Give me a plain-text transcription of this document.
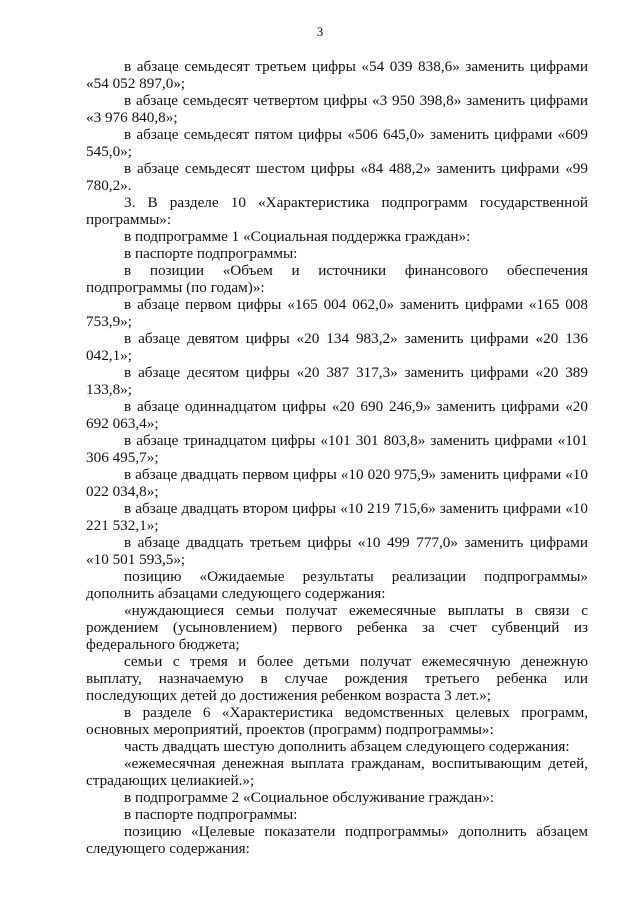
3

в абзаце семьдесят третьем цифры «54 039 838,6» заменить цифрами «54 052 897,0»;

в абзаце семьдесят четвертом цифры «3 950 398,8» заменить цифрами «3 976 840,8»;

в абзаце семьдесят пятом цифры «506 645,0» заменить цифрами «609 545,0»;

в абзаце семьдесят шестом цифры «84 488,2» заменить цифрами «99 780,2».

3. В разделе 10 «Характеристика подпрограмм государственной программы»:

в подпрограмме 1 «Социальная поддержка граждан»:

в паспорте подпрограммы:

в позиции «Объем и источники финансового обеспечения подпрограммы (по годам)»:

в абзаце первом цифры «165 004 062,0» заменить цифрами «165 008 753,9»;

в абзаце девятом цифры «20 134 983,2» заменить цифрами «20 136 042,1»;

в абзаце десятом цифры «20 387 317,3» заменить цифрами «20 389 133,8»;

в абзаце одиннадцатом цифры «20 690 246,9» заменить цифрами «20 692 063,4»;

в абзаце тринадцатом цифры «101 301 803,8» заменить цифрами «101 306 495,7»;

в абзаце двадцать первом цифры «10 020 975,9» заменить цифрами «10 022 034,8»;

в абзаце двадцать втором цифры «10 219 715,6» заменить цифрами «10 221 532,1»;

в абзаце двадцать третьем цифры «10 499 777,0» заменить цифрами «10 501 593,5»;

позицию «Ожидаемые результаты реализации подпрограммы» дополнить абзацами следующего содержания:

«нуждающиеся семьи получат ежемесячные выплаты в связи с рождением (усыновлением) первого ребенка за счет субвенций из федерального бюджета;

семьи с тремя и более детьми получат ежемесячную денежную выплату, назначаемую в случае рождения третьего ребенка или последующих детей до достижения ребенком возраста 3 лет.»;

в разделе 6 «Характеристика ведомственных целевых программ, основных мероприятий, проектов (программ) подпрограммы»:

часть двадцать шестую дополнить абзацем следующего содержания:

«ежемесячная денежная выплата гражданам, воспитывающим детей, страдающих целиакией.»;

в подпрограмме 2 «Социальное обслуживание граждан»:

в паспорте подпрограммы:

позицию «Целевые показатели подпрограммы» дополнить абзацем следующего содержания:
